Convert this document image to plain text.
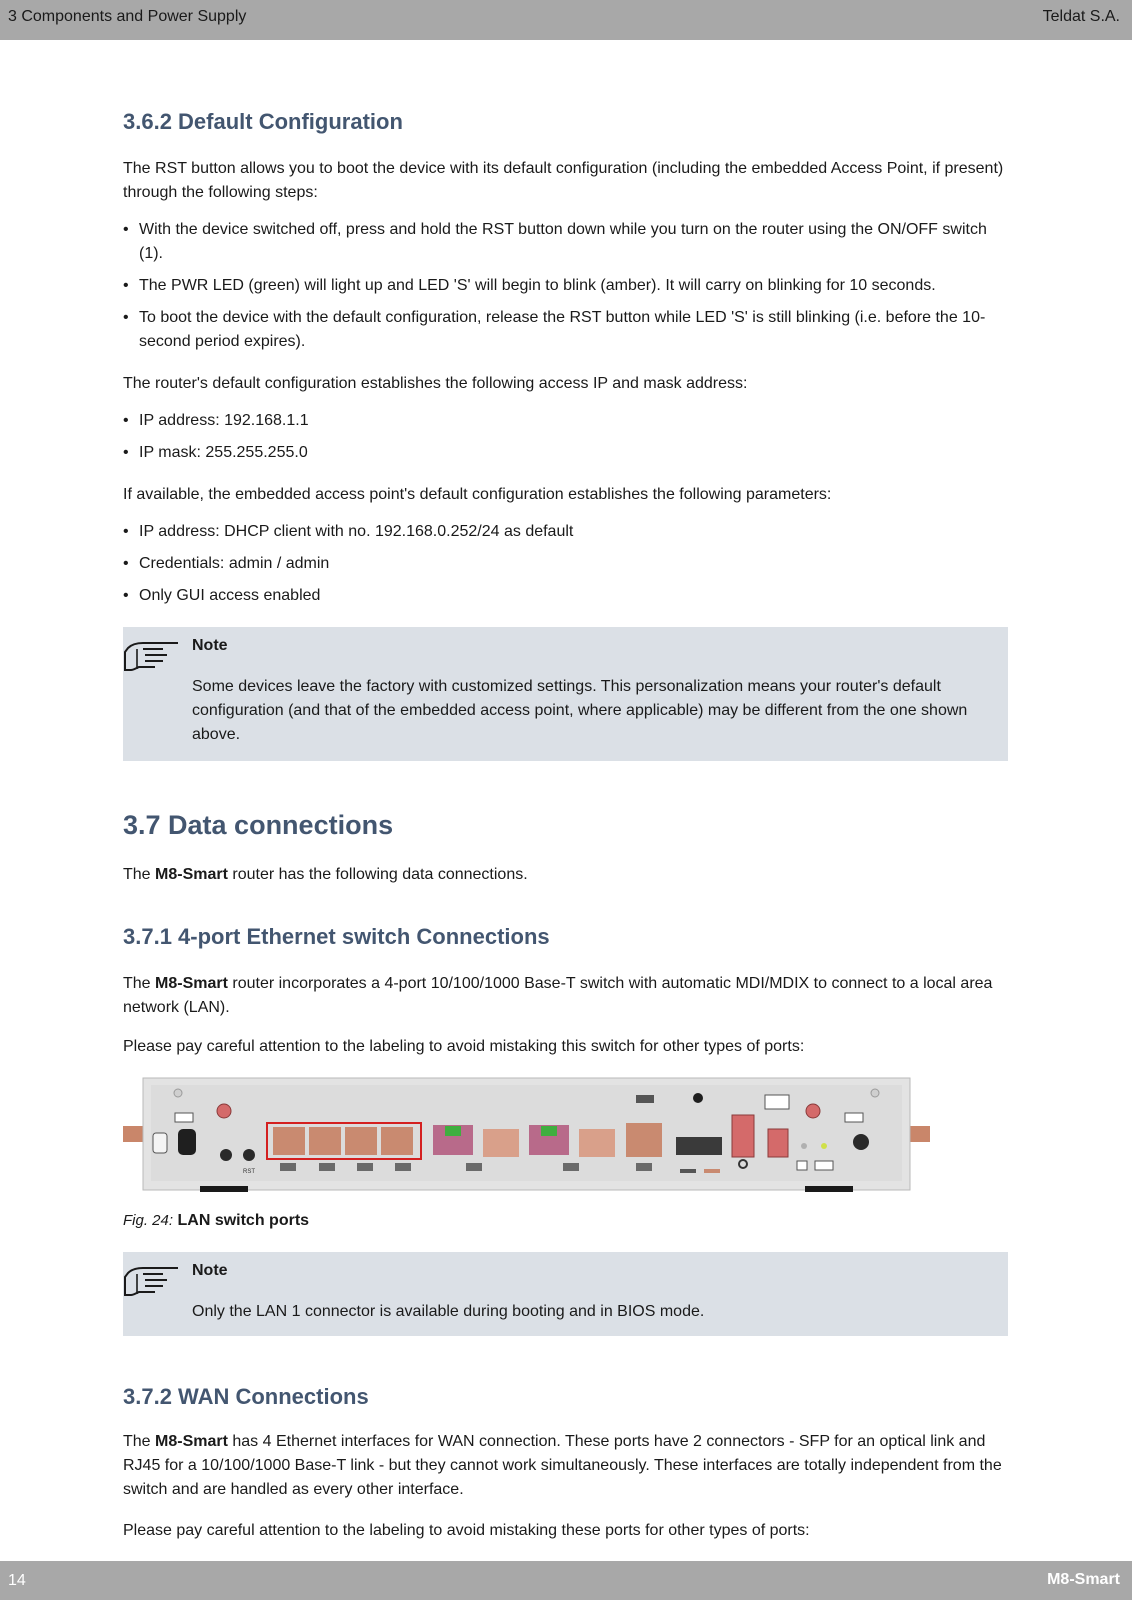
3 Components and Power Supply	Teldat S.A.
3.6.2 Default Configuration

The RST button allows you to boot the device with its default configuration (including the embedded Access Point, if present) through the following steps:

• With the device switched off, press and hold the RST button down while you turn on the router using the ON/OFF switch (1).
• The PWR LED (green) will light up and LED 'S' will begin to blink (amber). It will carry on blinking for 10 seconds.
• To boot the device with the default configuration, release the RST button while LED 'S' is still blinking (i.e. before the 10-second period expires).

The router's default configuration establishes the following access IP and mask address:

• IP address: 192.168.1.1
• IP mask: 255.255.255.0

If available, the embedded access point's default configuration establishes the following parameters:

• IP address: DHCP client with no. 192.168.0.252/24 as default
• Credentials: admin / admin
• Only GUI access enabled
Note
Some devices leave the factory with customized settings. This personalization means your router's default configuration (and that of the embedded access point, where applicable) may be different from the one shown above.
3.7 Data connections

The M8-Smart router has the following data connections.

3.7.1 4-port Ethernet switch Connections

The M8-Smart router incorporates a 4-port 10/100/1000 Base-T switch with automatic MDI/MDIX to connect to a local area network (LAN).

Please pay careful attention to the labeling to avoid mistaking this switch for other types of ports:

RST
Fig. 24: LAN switch ports
Note
Only the LAN 1 connector is available during booting and in BIOS mode.
3.7.2 WAN Connections

The M8-Smart has 4 Ethernet interfaces for WAN connection. These ports have 2 connectors - SFP for an optical link and RJ45 for a 10/100/1000 Base-T link - but they cannot work simultaneously. These interfaces are totally independent from the switch and are handled as every other interface.

Please pay careful attention to the labeling to avoid mistaking these ports for other types of ports:

14	M8-Smart
